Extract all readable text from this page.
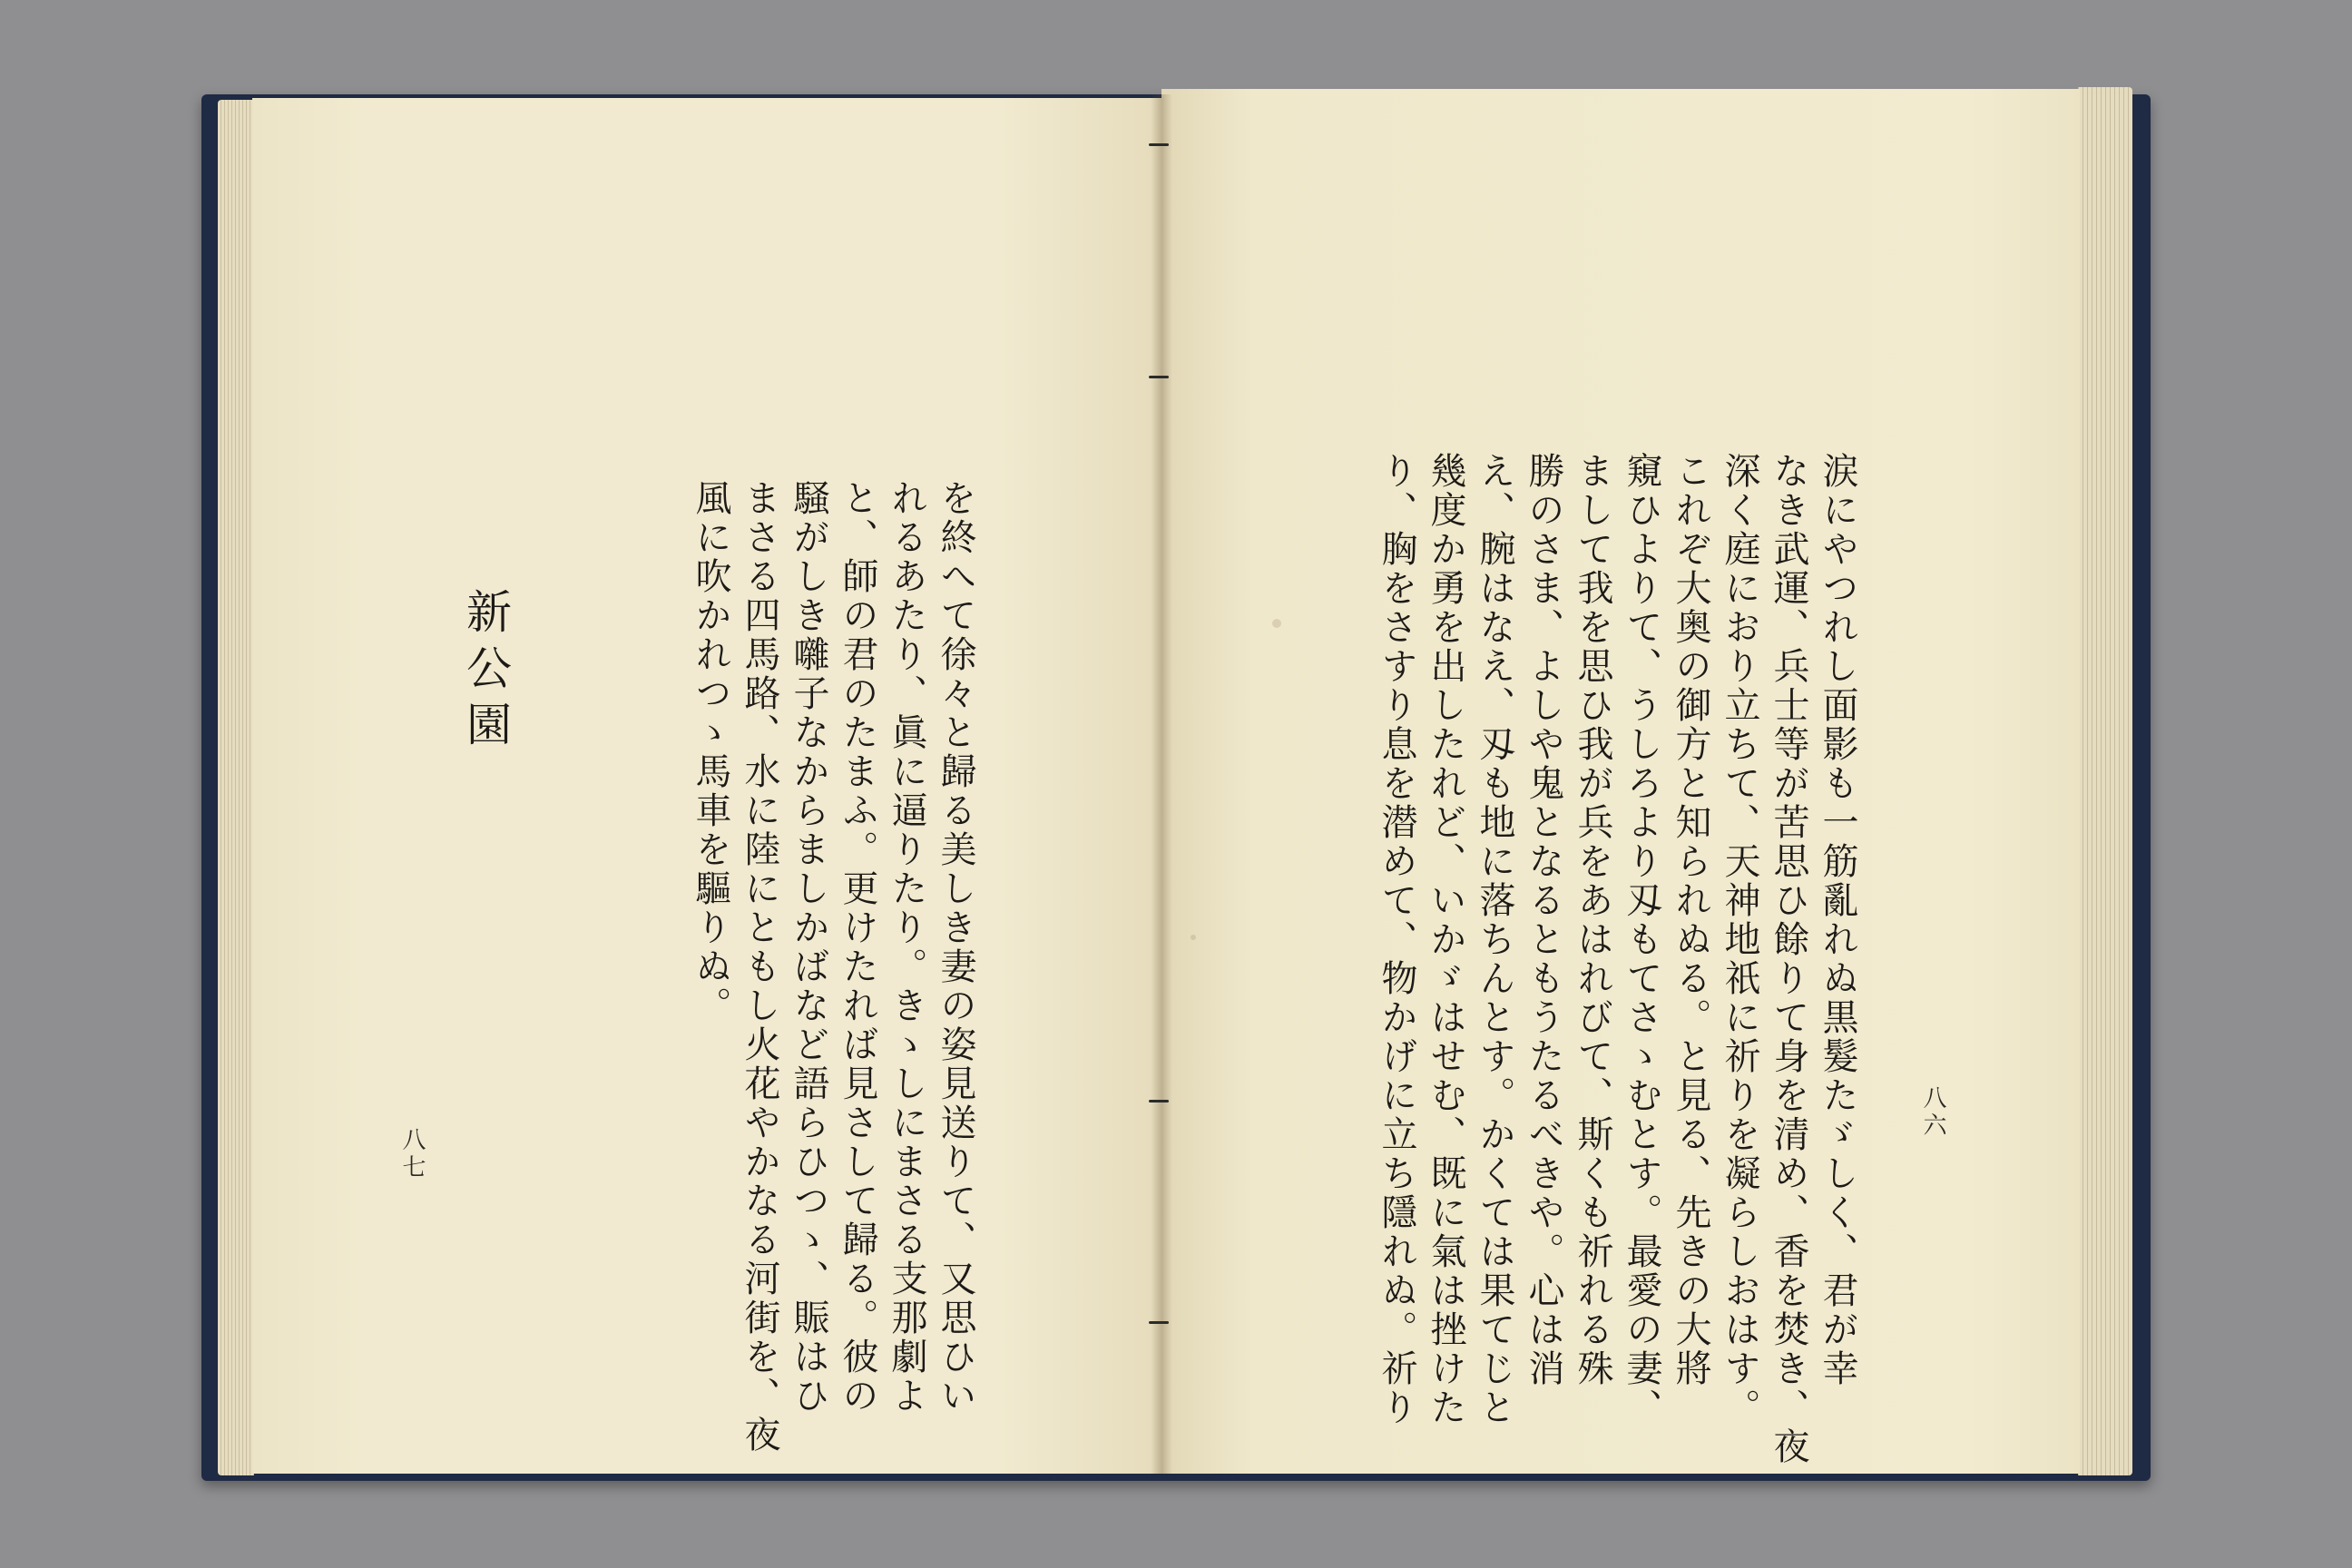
新公園	を終へて徐々と歸る美しき妻の姿見送りて、又思ひい
れるあたり、眞に逼りたり。きゝしにまさる支那劇よ
と、師の君のたまふ。更けたれば見さして歸る。彼の
騒がしき囃子なからましかばなど語らひつゝ、賑はひ
まさる四馬路、水に陸にともし火花やかなる河街を、夜
風に吹かれつゝ馬車を驅りぬ。
八七	涙にやつれし面影も一筋亂れぬ黒髮たゞしく、君が幸
なき武運、兵士等が苦思ひ餘りて身を清め、香を焚き、夜
深く庭におり立ちて、天神地祇に祈りを凝らしおはす。
これぞ大奥の御方と知られぬる。と見る、先きの大將
窺ひよりて、うしろより刄もてさゝむとす。最愛の妻、
まして我を思ひ我が兵をあはれびて、斯くも祈れる殊
勝のさま、よしや鬼となるともうたるべきや。心は消
え、腕はなえ、刄も地に落ちんとす。かくては果てじと
幾度か勇を出したれど、いかゞはせむ、既に氣は挫けた
り、胸をさすり息を潜めて、物かげに立ち隱れぬ。祈り	八六
